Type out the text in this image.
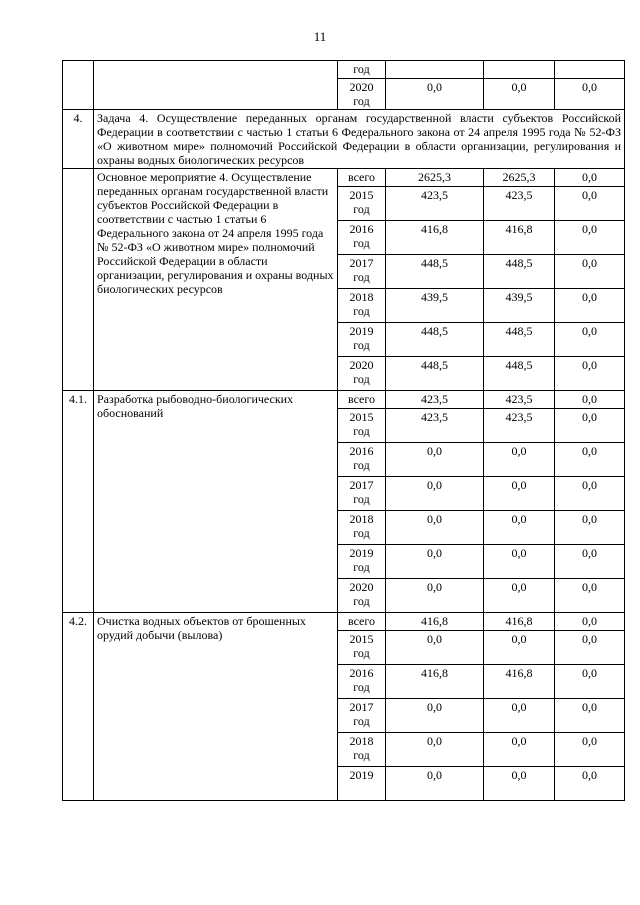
11
		год			
		2020 год	0,0	0,0	0,0
4.	Задача 4. Осуществление переданных органам государственной власти субъектов Российской Федерации в соответствии с частью 1 статьи 6 Федерального закона от 24 апреля 1995 года № 52-ФЗ «О животном мире» полномочий Российской Федерации в области организации, регулирования и охраны водных биологических ресурсов				
	Основное мероприятие 4. Осуществление переданных органам государственной власти субъектов Российской Федерации в соответствии с частью 1 статьи 6 Федерального закона от 24 апреля 1995 года № 52-ФЗ «О животном мире» полномочий Российской Федерации в области организации, регулирования и охраны водных биологических ресурсов	всего	2625,3	2625,3	0,0
		2015 год	423,5	423,5	0,0
		2016 год	416,8	416,8	0,0
		2017 год	448,5	448,5	0,0
		2018 год	439,5	439,5	0,0
		2019 год	448,5	448,5	0,0
		2020 год	448,5	448,5	0,0
4.1.	Разработка рыбоводно-биологических обоснований	всего	423,5	423,5	0,0
		2015 год	423,5	423,5	0,0
		2016 год	0,0	0,0	0,0
		2017 год	0,0	0,0	0,0
		2018 год	0,0	0,0	0,0
		2019 год	0,0	0,0	0,0
		2020 год	0,0	0,0	0,0
4.2.	Очистка водных объектов от брошенных орудий добычи (вылова)	всего	416,8	416,8	0,0
		2015 год	0,0	0,0	0,0
		2016 год	416,8	416,8	0,0
		2017 год	0,0	0,0	0,0
		2018 год	0,0	0,0	0,0
		2019	0,0	0,0	0,0
